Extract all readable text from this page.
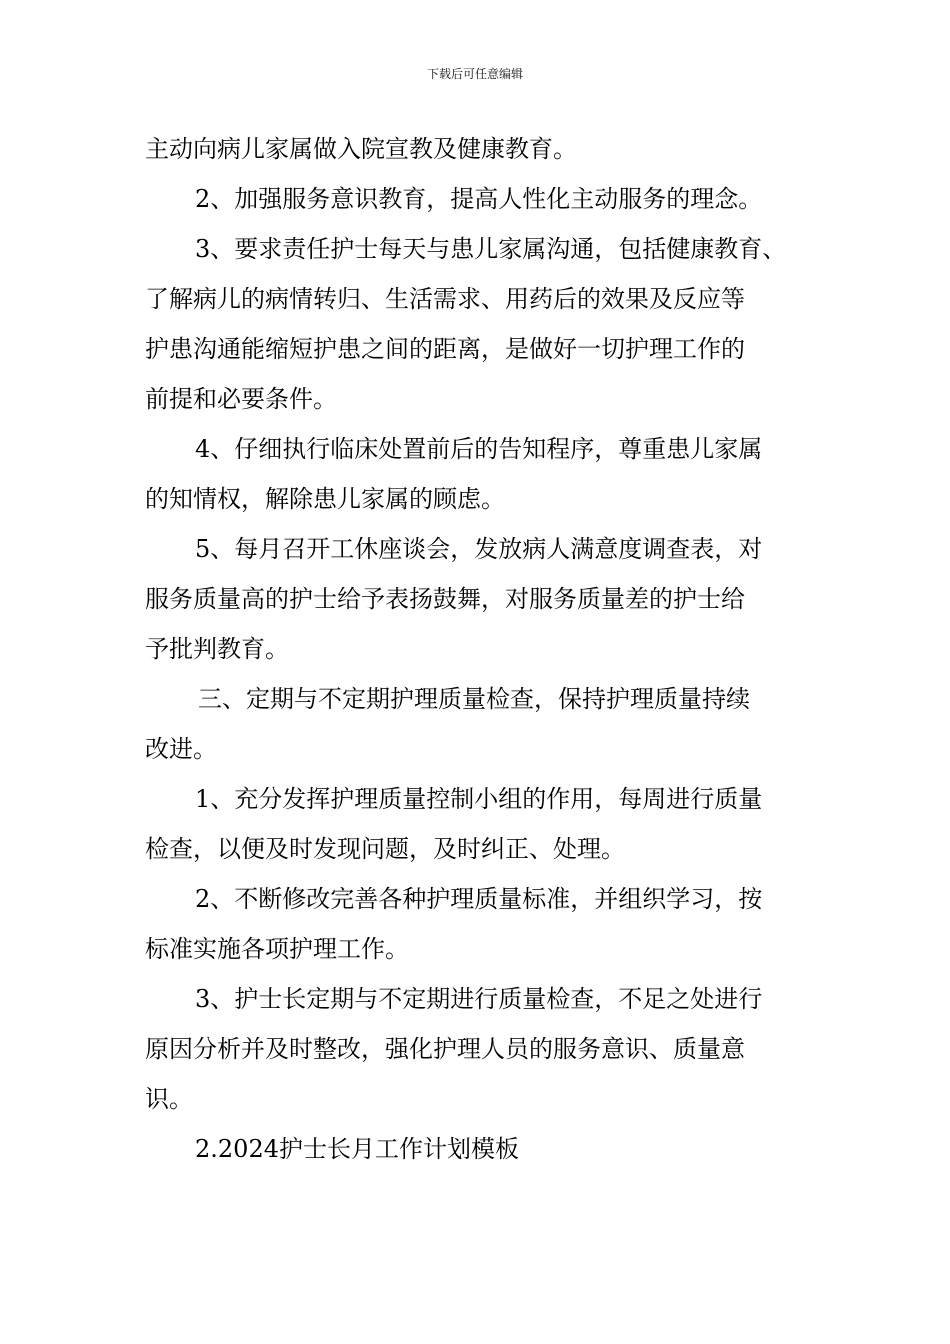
下载后可任意编辑
主动向病儿家属做入院宣教及健康教育。
2、加强服务意识教育，提高人性化主动服务的理念。
3、要求责任护士每天与患儿家属沟通，包括健康教育、
了解病儿的病情转归、生活需求、用药后的效果及反应等
护患沟通能缩短护患之间的距离，是做好一切护理工作的
前提和必要条件。
4、仔细执行临床处置前后的告知程序，尊重患儿家属
的知情权，解除患儿家属的顾虑。
5、每月召开工休座谈会，发放病人满意度调查表，对
服务质量高的护士给予表扬鼓舞，对服务质量差的护士给
予批判教育。
三、定期与不定期护理质量检查，保持护理质量持续
改进。
1、充分发挥护理质量控制小组的作用，每周进行质量
检查，以便及时发现问题，及时纠正、处理。
2、不断修改完善各种护理质量标准，并组织学习，按
标准实施各项护理工作。
3、护士长定期与不定期进行质量检查，不足之处进行
原因分析并及时整改，强化护理人员的服务意识、质量意
识。
2.2024护士长月工作计划模板
